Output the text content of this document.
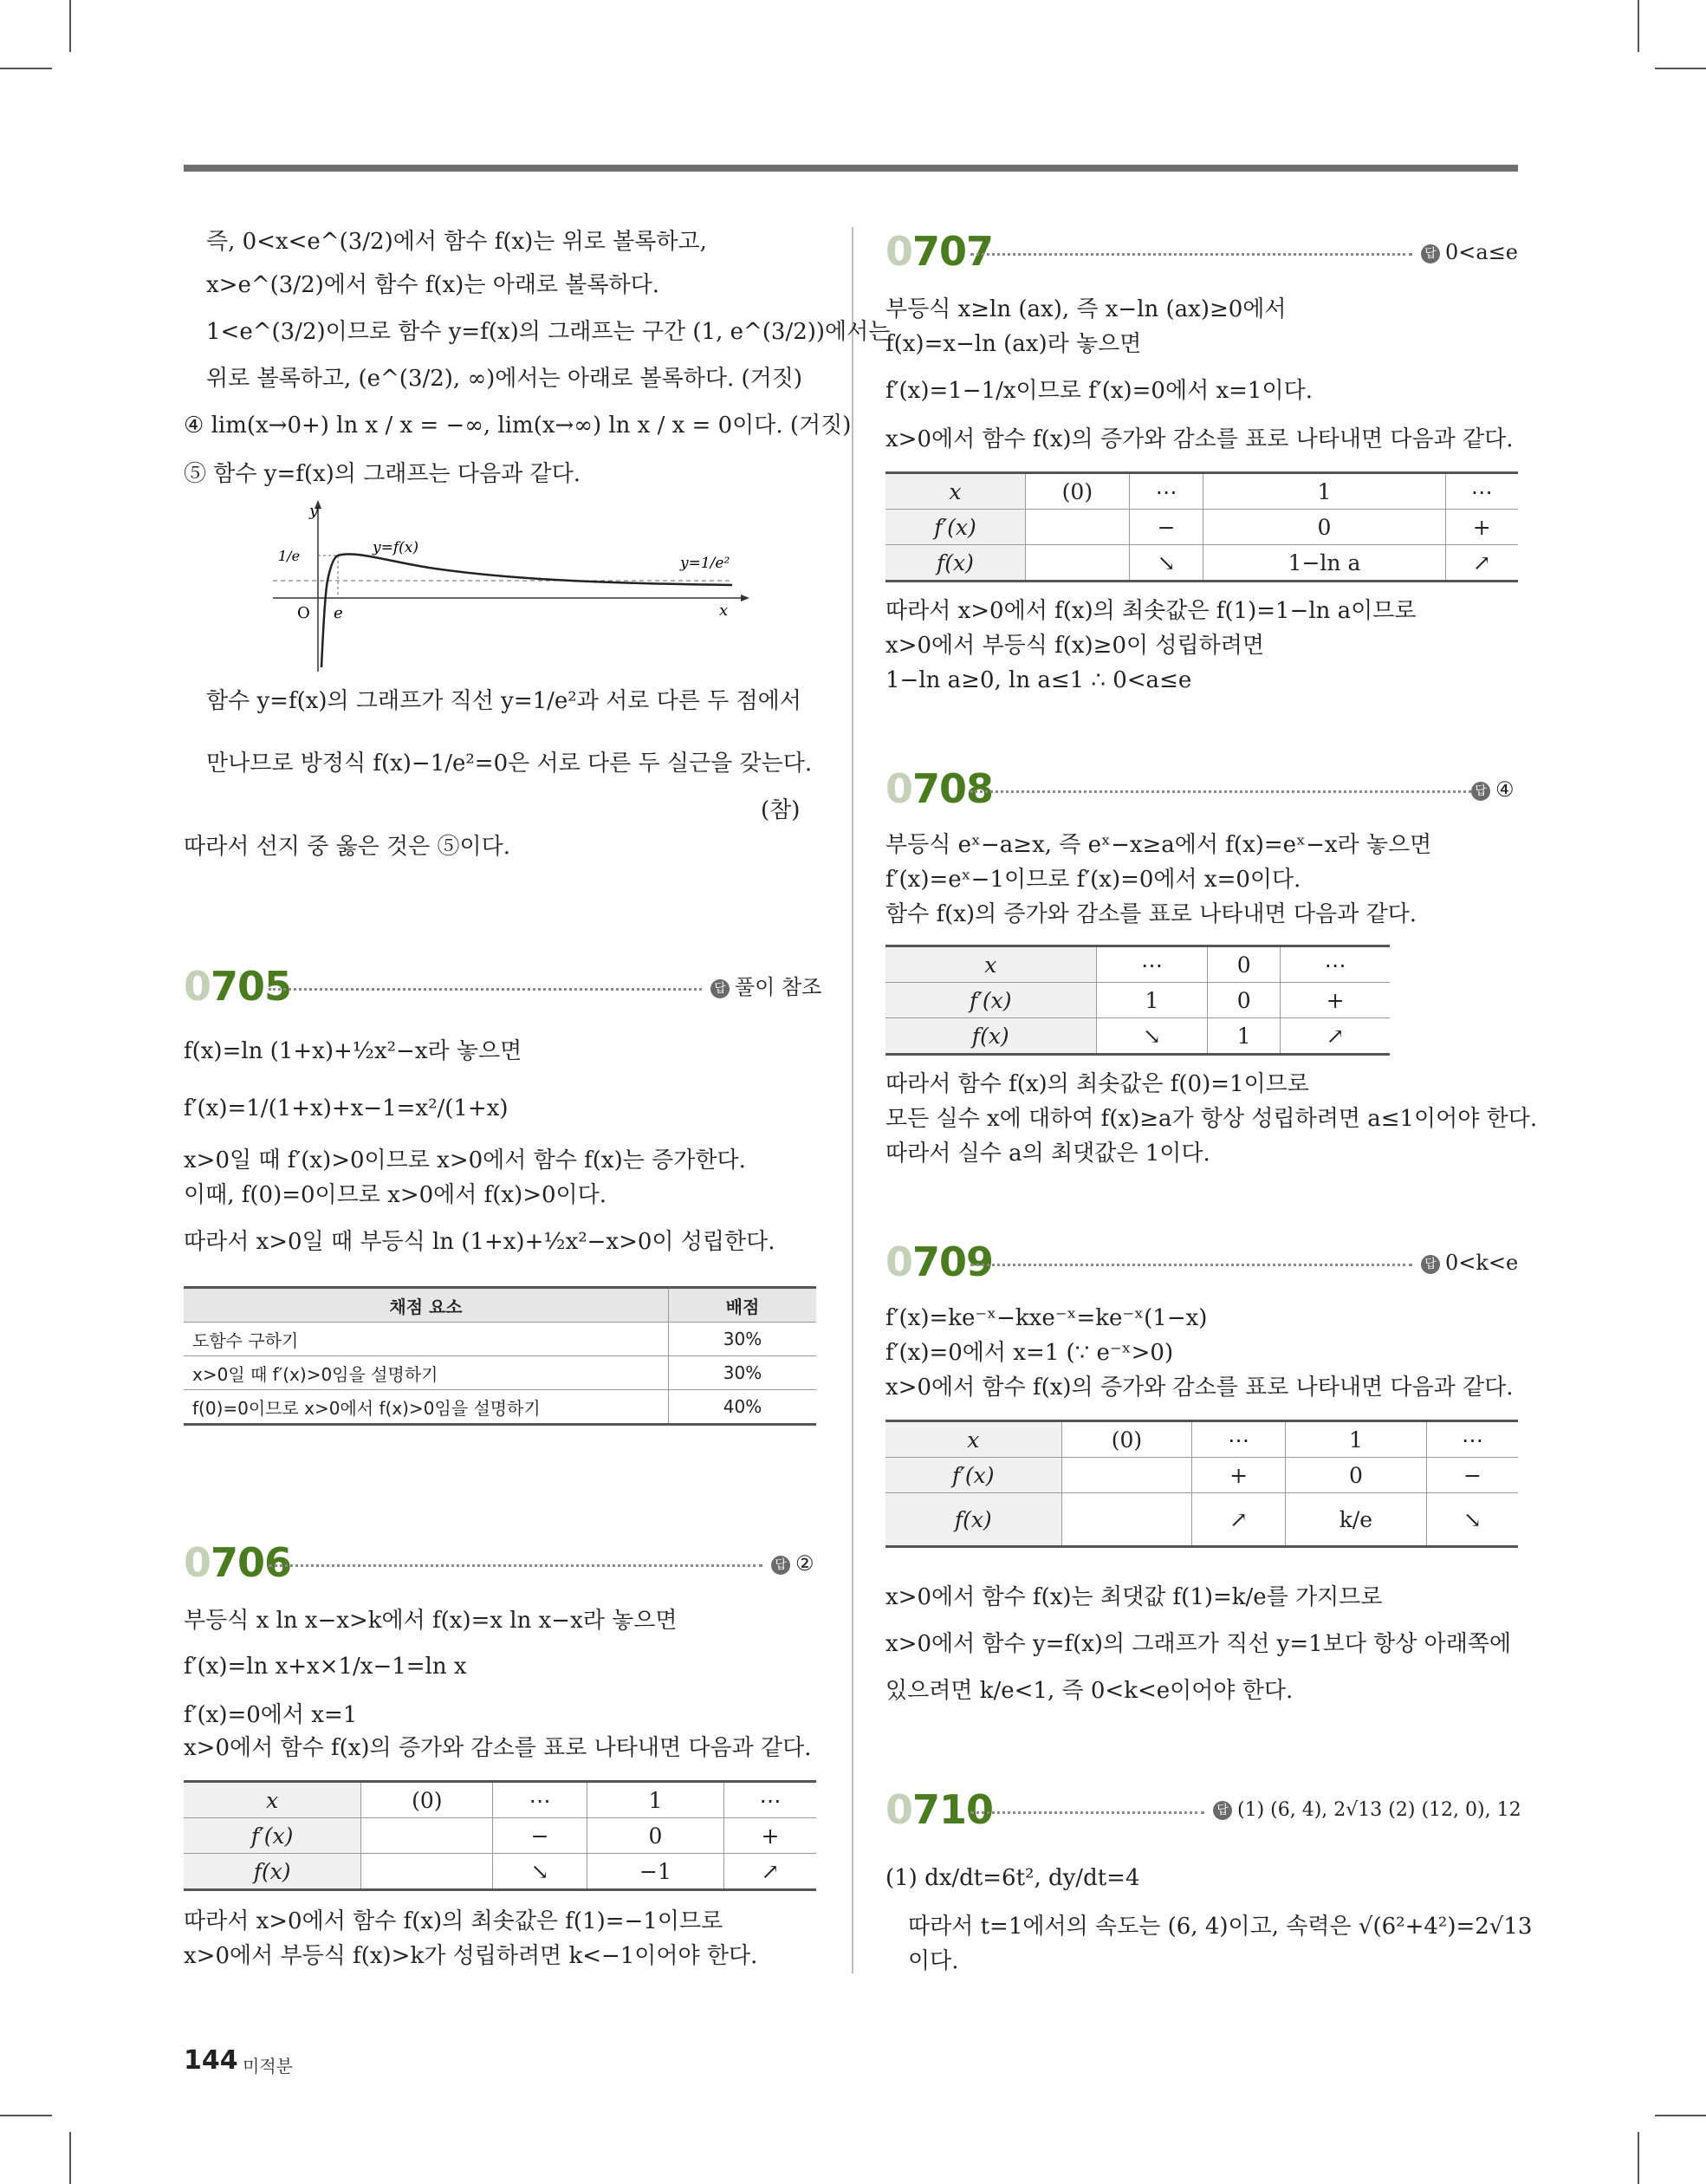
즉, 0<x<e^(3/2)에서 함수 f(x)는 위로 볼록하고,
x>e^(3/2)에서 함수 f(x)는 아래로 볼록하다.
1<e^(3/2)이므로 함수 y=f(x)의 그래프는 구간 (1, e^(3/2))에서는
위로 볼록하고, (e^(3/2), ∞)에서는 아래로 볼록하다. (거짓)
④ lim(x→0+) ln x / x = −∞, lim(x→∞) ln x / x = 0이다. (거짓)
⑤ 함수 y=f(x)의 그래프는 다음과 같다.
y
x
O
1/e
e
y=f(x)
y=1/e²
함수 y=f(x)의 그래프가 직선 y=1/e²과 서로 다른 두 점에서
만나므로 방정식 f(x)−1/e²=0은 서로 다른 두 실근을 갖는다.
(참)
따라서 선지 중 옳은 것은 ⑤이다.
0705	답 풀이 참조
f(x)=ln (1+x)+½x²−x라 놓으면
f′(x)=1/(1+x)+x−1=x²/(1+x)
x>0일 때 f′(x)>0이므로 x>0에서 함수 f(x)는 증가한다.
이때, f(0)=0이므로 x>0에서 f(x)>0이다.
따라서 x>0일 때 부등식 ln (1+x)+½x²−x>0이 성립한다.
채점 요소	배점
도함수 구하기	30%
x>0일 때 f′(x)>0임을 설명하기	30%
f(0)=0이므로 x>0에서 f(x)>0임을 설명하기	40%
0706	답 ②
부등식 x ln x−x>k에서 f(x)=x ln x−x라 놓으면
f′(x)=ln x+x×1/x−1=ln x
f′(x)=0에서 x=1
x>0에서 함수 f(x)의 증가와 감소를 표로 나타내면 다음과 같다.
x	(0)	⋯	1	⋯
f′(x)		−	0	+
f(x)		↘	−1	↗
따라서 x>0에서 함수 f(x)의 최솟값은 f(1)=−1이므로
x>0에서 부등식 f(x)>k가 성립하려면 k<−1이어야 한다.
0707	답 0<a≤e
부등식 x≥ln (ax), 즉 x−ln (ax)≥0에서
f(x)=x−ln (ax)라 놓으면
f′(x)=1−1/x이므로 f′(x)=0에서 x=1이다.
x>0에서 함수 f(x)의 증가와 감소를 표로 나타내면 다음과 같다.
x	(0)	⋯	1	⋯
f′(x)		−	0	+
f(x)		↘	1−ln a	↗
따라서 x>0에서 f(x)의 최솟값은 f(1)=1−ln a이므로
x>0에서 부등식 f(x)≥0이 성립하려면
1−ln a≥0, ln a≤1 ∴ 0<a≤e
0708	답 ④
부등식 eˣ−a≥x, 즉 eˣ−x≥a에서 f(x)=eˣ−x라 놓으면
f′(x)=eˣ−1이므로 f′(x)=0에서 x=0이다.
함수 f(x)의 증가와 감소를 표로 나타내면 다음과 같다.
x	⋯	0	⋯
f′(x)	1	0	+
f(x)	↘	1	↗
따라서 함수 f(x)의 최솟값은 f(0)=1이므로
모든 실수 x에 대하여 f(x)≥a가 항상 성립하려면 a≤1이어야 한다.
따라서 실수 a의 최댓값은 1이다.
0709	답 0<k<e
f′(x)=ke⁻ˣ−kxe⁻ˣ=ke⁻ˣ(1−x)
f′(x)=0에서 x=1 (∵ e⁻ˣ>0)
x>0에서 함수 f(x)의 증가와 감소를 표로 나타내면 다음과 같다.
x	(0)	⋯	1	⋯
f′(x)		+	0	−
f(x)		↗	k/e	↘
x>0에서 함수 f(x)는 최댓값 f(1)=k/e를 가지므로
x>0에서 함수 y=f(x)의 그래프가 직선 y=1보다 항상 아래쪽에
있으려면 k/e<1, 즉 0<k<e이어야 한다.
0710	답 (1) (6, 4), 2√13 (2) (12, 0), 12
(1) dx/dt=6t², dy/dt=4
따라서 t=1에서의 속도는 (6, 4)이고, 속력은 √(6²+4²)=2√13
이다.
144 미적분
